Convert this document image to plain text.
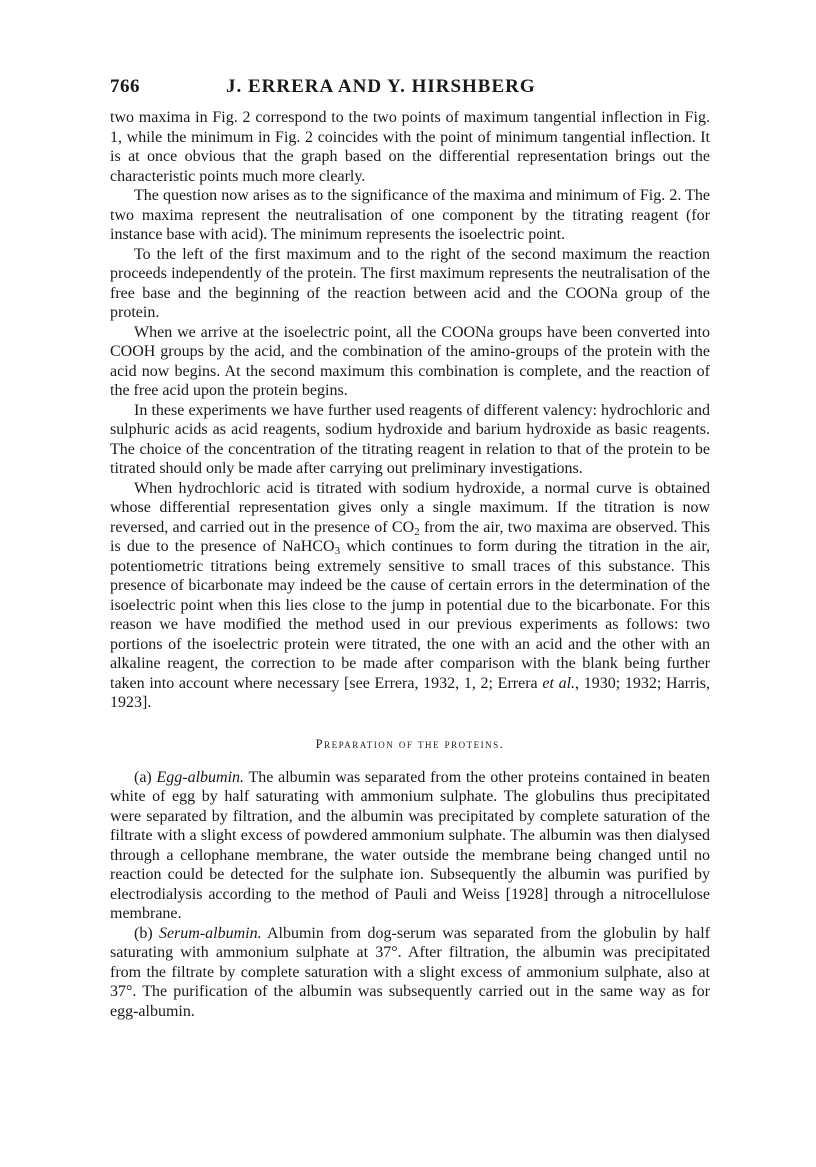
766	J. ERRERA AND Y. HIRSHBERG

two maxima in Fig. 2 correspond to the two points of maximum tangential inflection in Fig. 1, while the minimum in Fig. 2 coincides with the point of minimum tangential inflection. It is at once obvious that the graph based on the differential representation brings out the characteristic points much more clearly.

The question now arises as to the significance of the maxima and minimum of Fig. 2. The two maxima represent the neutralisation of one component by the titrating reagent (for instance base with acid). The minimum represents the isoelectric point.

To the left of the first maximum and to the right of the second maximum the reaction proceeds independently of the protein. The first maximum represents the neutralisation of the free base and the beginning of the reaction between acid and the COONa group of the protein.

When we arrive at the isoelectric point, all the COONa groups have been converted into COOH groups by the acid, and the combination of the amino-groups of the protein with the acid now begins. At the second maximum this combination is complete, and the reaction of the free acid upon the protein begins.

In these experiments we have further used reagents of different valency: hydrochloric and sulphuric acids as acid reagents, sodium hydroxide and barium hydroxide as basic reagents. The choice of the concentration of the titrating reagent in relation to that of the protein to be titrated should only be made after carrying out preliminary investigations.

When hydrochloric acid is titrated with sodium hydroxide, a normal curve is obtained whose differential representation gives only a single maximum. If the titration is now reversed, and carried out in the presence of $CO_2$ from the air, two maxima are observed. This is due to the presence of NaHCO$_3$ which continues to form during the titration in the air, potentiometric titrations being extremely sensitive to small traces of this substance. This presence of bicarbonate may indeed be the cause of certain errors in the determination of the isoelectric point when this lies close to the jump in potential due to the bicarbonate. For this reason we have modified the method used in our previous experiments as follows: two portions of the isoelectric protein were titrated, the one with an acid and the other with an alkaline reagent, the correction to be made after comparison with the blank being further taken into account where necessary [see Errera, 1932, 1, 2; Errera et al., 1930; 1932; Harris, 1923].

Preparation of the proteins.

(a) Egg-albumin. The albumin was separated from the other proteins contained in beaten white of egg by half saturating with ammonium sulphate. The globulins thus precipitated were separated by filtration, and the albumin was precipitated by complete saturation of the filtrate with a slight excess of powdered ammonium sulphate. The albumin was then dialysed through a cellophane membrane, the water outside the membrane being changed until no reaction could be detected for the sulphate ion. Subsequently the albumin was purified by electrodialysis according to the method of Pauli and Weiss [1928] through a nitrocellulose membrane.

(b) Serum-albumin. Albumin from dog-serum was separated from the globulin by half saturating with ammonium sulphate at 37°. After filtration, the albumin was precipitated from the filtrate by complete saturation with a slight excess of ammonium sulphate, also at 37°. The purification of the albumin was subsequently carried out in the same way as for egg-albumin.
